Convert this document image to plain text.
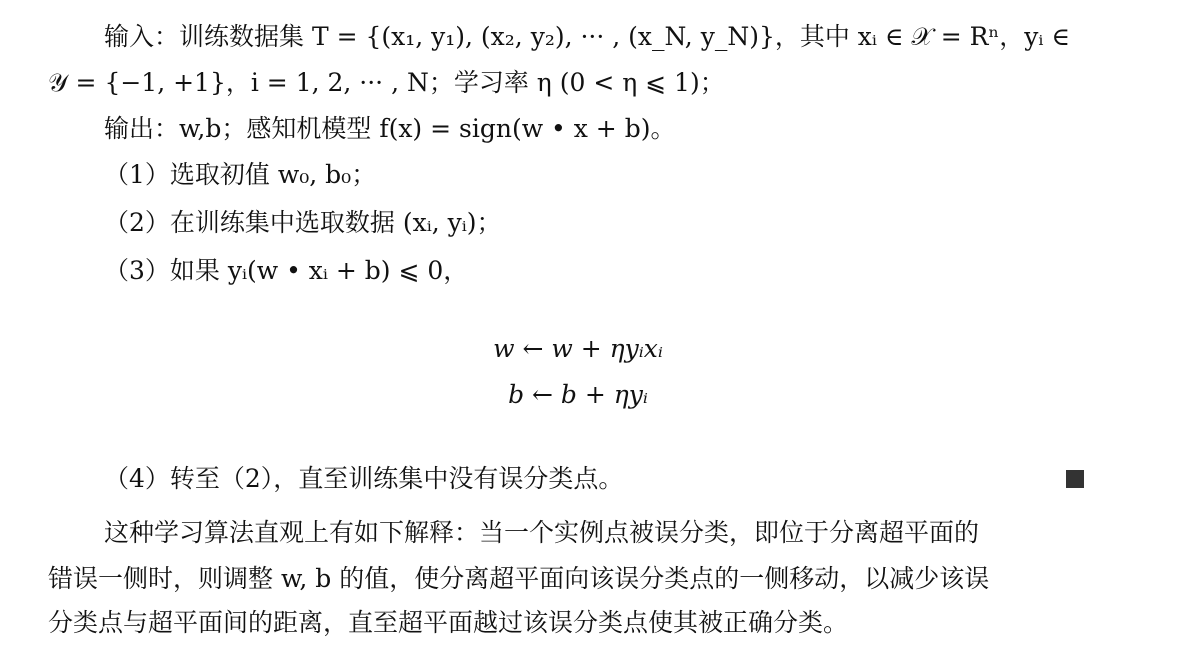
输入：训练数据集 T = {(x₁, y₁), (x₂, y₂), ··· , (x_N, y_N)}，其中 xᵢ ∈ 𝒳 = Rⁿ，yᵢ ∈
𝒴 = {−1, +1}，i = 1, 2, ··· , N；学习率 η (0 < η ⩽ 1)；
输出：w,b；感知机模型 f(x) = sign(w • x + b)。
（1）选取初值 w₀, b₀；
（2）在训练集中选取数据 (xᵢ, yᵢ)；
（3）如果 yᵢ(w • xᵢ + b) ⩽ 0，
w ← w + ηyᵢxᵢ
b ← b + ηyᵢ
（4）转至（2），直至训练集中没有误分类点。
这种学习算法直观上有如下解释：当一个实例点被误分类，即位于分离超平面的
错误一侧时，则调整 w, b 的值，使分离超平面向该误分类点的一侧移动，以减少该误
分类点与超平面间的距离，直至超平面越过该误分类点使其被正确分类。
